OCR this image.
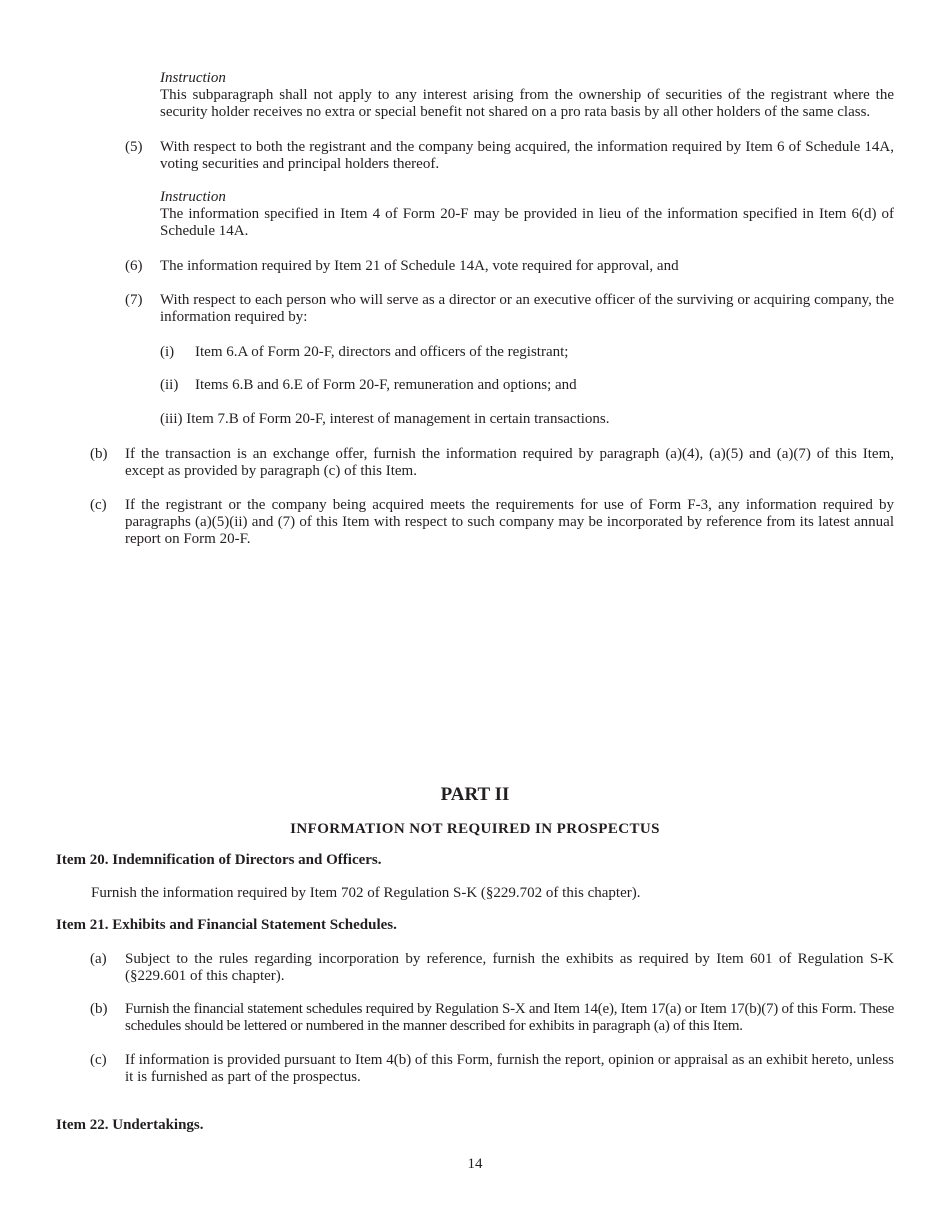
Instruction
This subparagraph shall not apply to any interest arising from the ownership of securities of the registrant where the security holder receives no extra or special benefit not shared on a pro rata basis by all other holders of the same class.
(5) With respect to both the registrant and the company being acquired, the information required by Item 6 of Schedule 14A, voting securities and principal holders thereof.
Instruction
The information specified in Item 4 of Form 20-F may be provided in lieu of the information specified in Item 6(d) of Schedule 14A.
(6) The information required by Item 21 of Schedule 14A, vote required for approval, and
(7) With respect to each person who will serve as a director or an executive officer of the surviving or acquiring company, the information required by:
(i) Item 6.A of Form 20-F, directors and officers of the registrant;
(ii) Items 6.B and 6.E of Form 20-F, remuneration and options; and
(iii) Item 7.B of Form 20-F, interest of management in certain transactions.
(b) If the transaction is an exchange offer, furnish the information required by paragraph (a)(4), (a)(5) and (a)(7) of this Item, except as provided by paragraph (c) of this Item.
(c) If the registrant or the company being acquired meets the requirements for use of Form F-3, any information required by paragraphs (a)(5)(ii) and (7) of this Item with respect to such company may be incorporated by reference from its latest annual report on Form 20-F.
PART II
INFORMATION NOT REQUIRED IN PROSPECTUS
Item 20. Indemnification of Directors and Officers.
Furnish the information required by Item 702 of Regulation S-K (§229.702 of this chapter).
Item 21. Exhibits and Financial Statement Schedules.
(a) Subject to the rules regarding incorporation by reference, furnish the exhibits as required by Item 601 of Regulation S-K (§229.601 of this chapter).
(b) Furnish the financial statement schedules required by Regulation S-X and Item 14(e), Item 17(a) or Item 17(b)(7) of this Form. These schedules should be lettered or numbered in the manner described for exhibits in paragraph (a) of this Item.
(c) If information is provided pursuant to Item 4(b) of this Form, furnish the report, opinion or appraisal as an exhibit hereto, unless it is furnished as part of the prospectus.
Item 22. Undertakings.
14
